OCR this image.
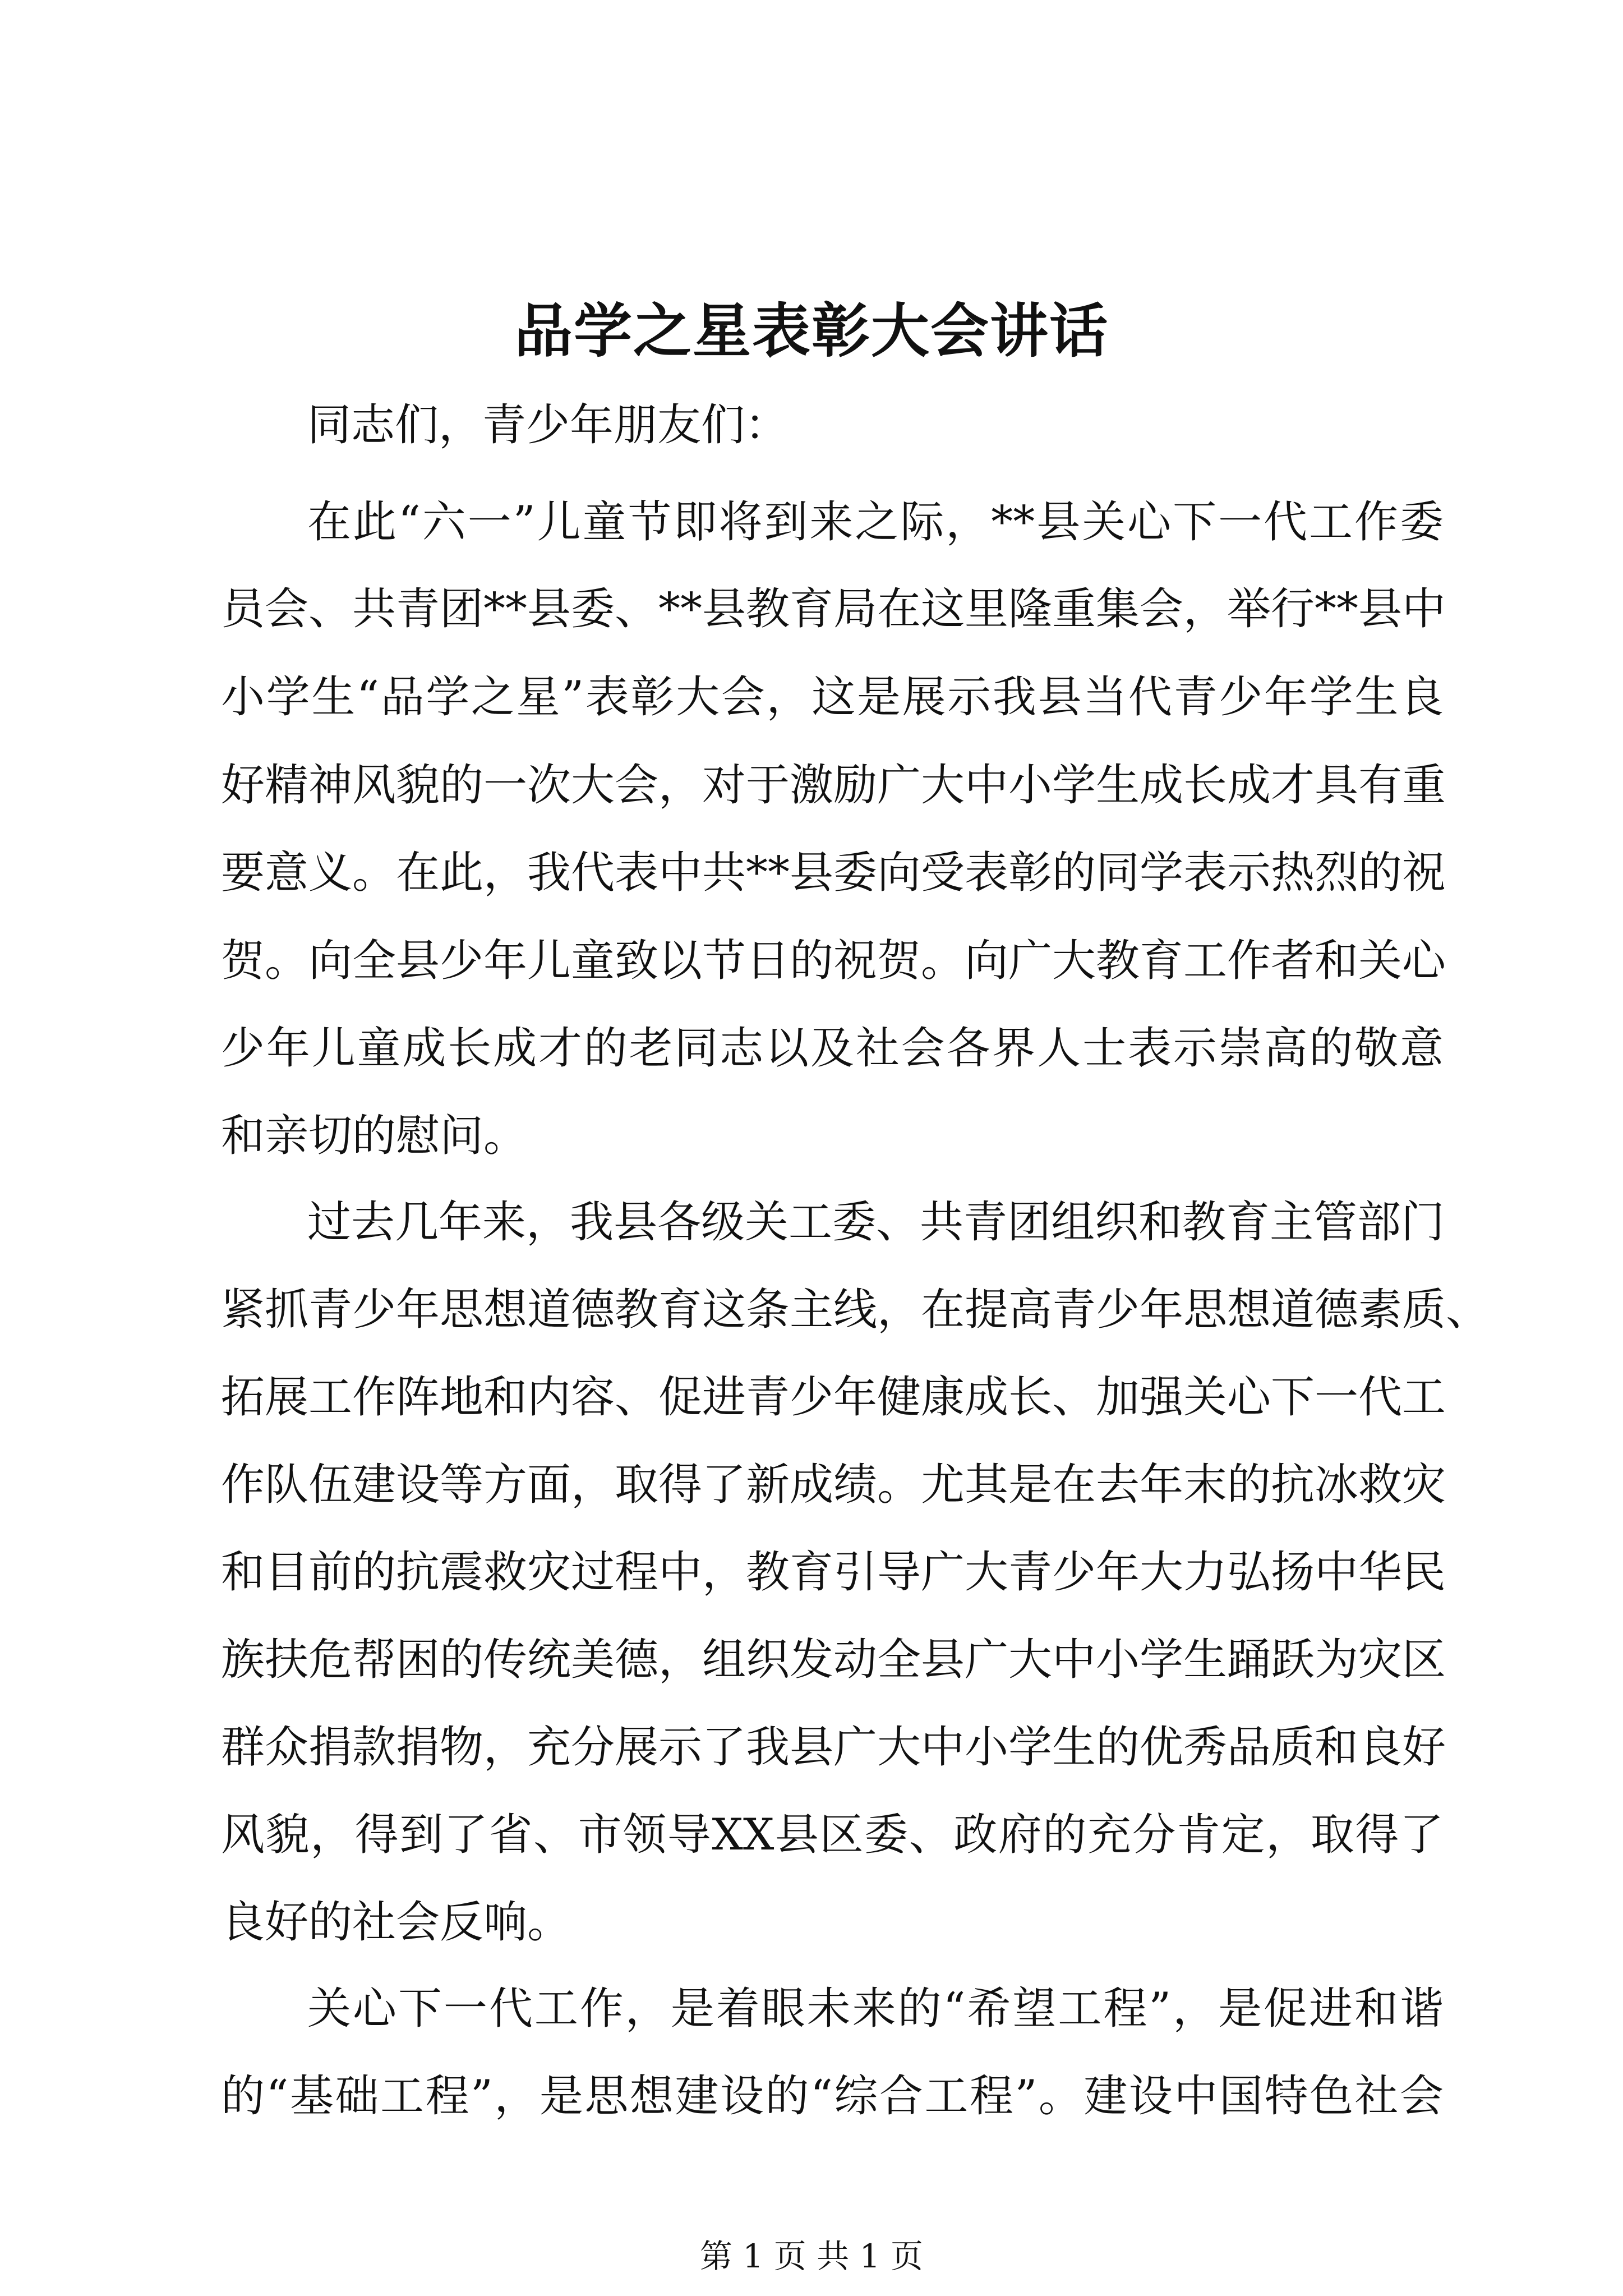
品学之星表彰大会讲话
同志们，青少年朋友们：
在此“六一”儿童节即将到来之际，**县关心下一代工作委
员会、共青团**县委、**县教育局在这里隆重集会，举行**县中
小学生“品学之星”表彰大会，这是展示我县当代青少年学生良
好精神风貌的一次大会，对于激励广大中小学生成长成才具有重
要意义。在此，我代表中共**县委向受表彰的同学表示热烈的祝
贺。向全县少年儿童致以节日的祝贺。向广大教育工作者和关心
少年儿童成长成才的老同志以及社会各界人士表示崇高的敬意
和亲切的慰问。
过去几年来，我县各级关工委、共青团组织和教育主管部门
紧抓青少年思想道德教育这条主线，在提高青少年思想道德素质、
拓展工作阵地和内容、促进青少年健康成长、加强关心下一代工
作队伍建设等方面，取得了新成绩。尤其是在去年末的抗冰救灾
和目前的抗震救灾过程中，教育引导广大青少年大力弘扬中华民
族扶危帮困的传统美德，组织发动全县广大中小学生踊跃为灾区
群众捐款捐物，充分展示了我县广大中小学生的优秀品质和良好
风貌，得到了省、市领导XX县区委、政府的充分肯定，取得了
良好的社会反响。
关心下一代工作，是着眼未来的“希望工程”，是促进和谐
的“基础工程”，是思想建设的“综合工程”。建设中国特色社会
第 1 页 共 1 页
